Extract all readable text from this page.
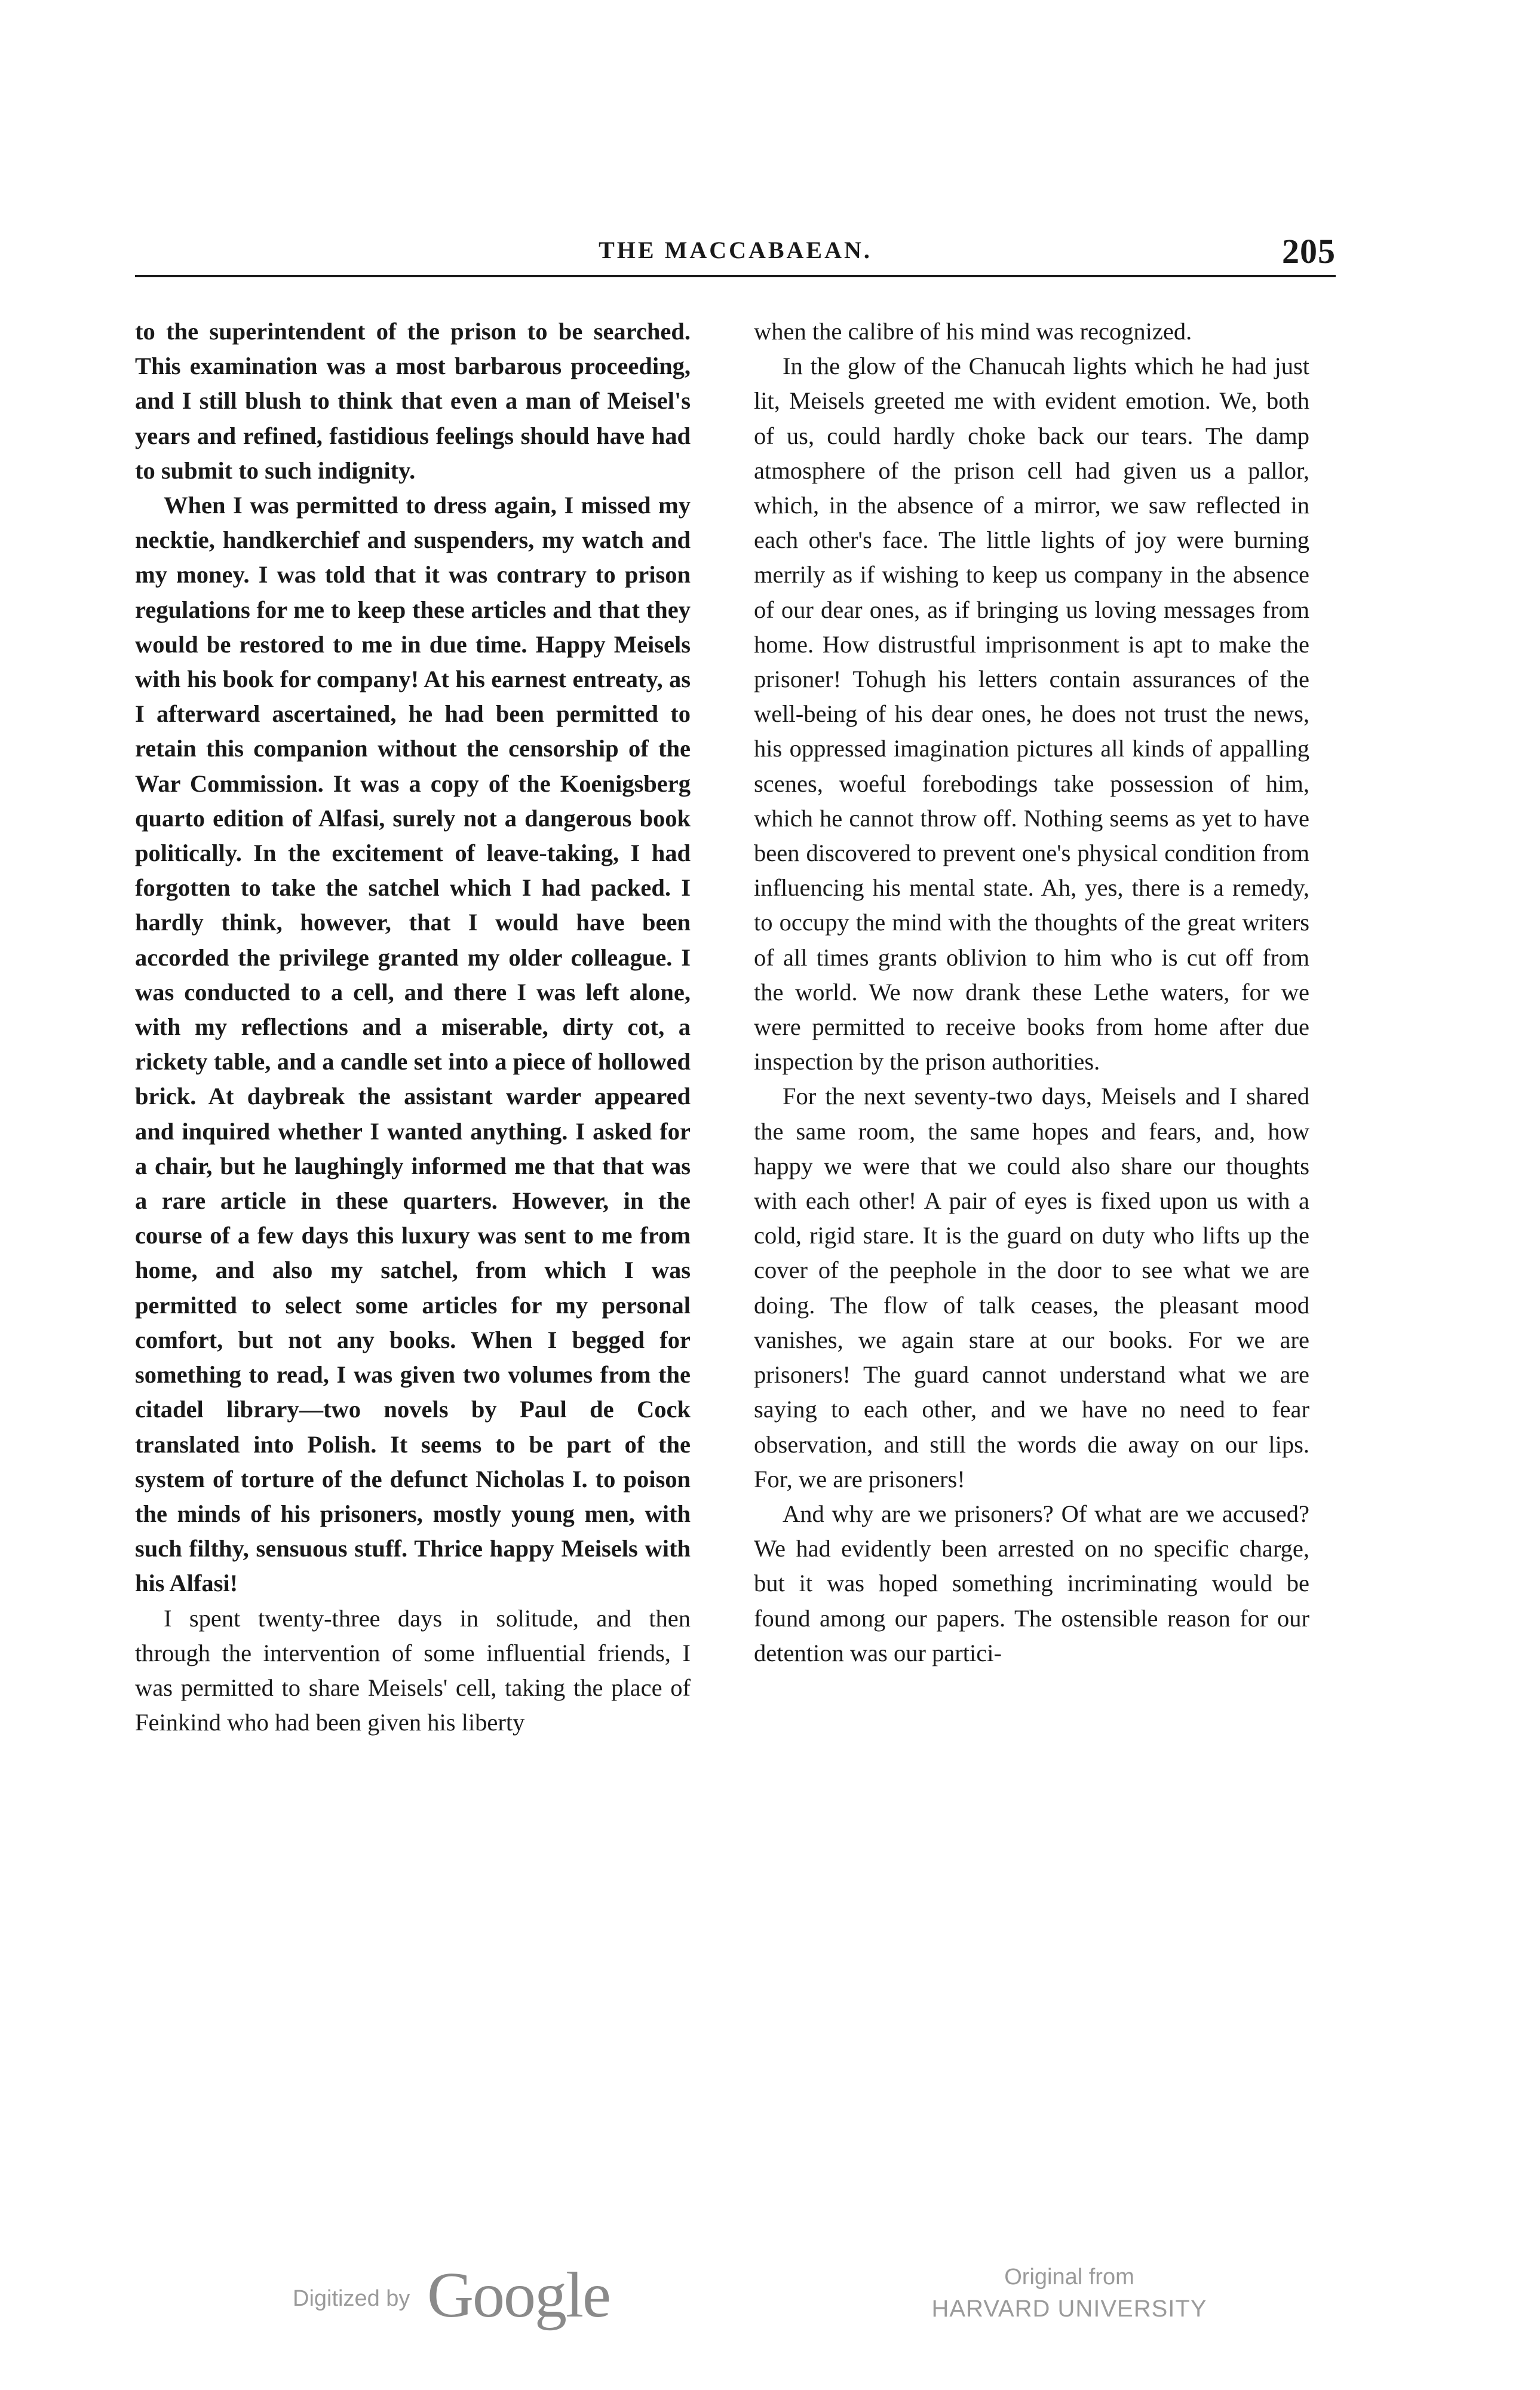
THE MACCABAEAN.	205

to the superintendent of the prison to be searched. This examination was a most barbarous proceeding, and I still blush to think that even a man of Meisel's years and refined, fastidious feelings should have had to submit to such indignity.

When I was permitted to dress again, I missed my necktie, handkerchief and suspenders, my watch and my money. I was told that it was contrary to prison regulations for me to keep these articles and that they would be restored to me in due time. Happy Meisels with his book for company! At his earnest entreaty, as I afterward ascertained, he had been permitted to retain this companion without the censorship of the War Commission. It was a copy of the Koenigsberg quarto edition of Alfasi, surely not a dangerous book politically. In the excitement of leave-taking, I had forgotten to take the satchel which I had packed. I hardly think, however, that I would have been accorded the privilege granted my older colleague. I was conducted to a cell, and there I was left alone, with my reflections and a miserable, dirty cot, a rickety table, and a candle set into a piece of hollowed brick. At daybreak the assistant warder appeared and inquired whether I wanted anything. I asked for a chair, but he laughingly informed me that that was a rare article in these quarters. However, in the course of a few days this luxury was sent to me from home, and also my satchel, from which I was permitted to select some articles for my personal comfort, but not any books. When I begged for something to read, I was given two volumes from the citadel library—two novels by Paul de Cock translated into Polish. It seems to be part of the system of torture of the defunct Nicholas I. to poison the minds of his prisoners, mostly young men, with such filthy, sensuous stuff. Thrice happy Meisels with his Alfasi!

I spent twenty-three days in solitude, and then through the intervention of some influential friends, I was permitted to share Meisels' cell, taking the place of Feinkind who had been given his liberty

when the calibre of his mind was recognized.

In the glow of the Chanucah lights which he had just lit, Meisels greeted me with evident emotion. We, both of us, could hardly choke back our tears. The damp atmosphere of the prison cell had given us a pallor, which, in the absence of a mirror, we saw reflected in each other's face. The little lights of joy were burning merrily as if wishing to keep us company in the absence of our dear ones, as if bringing us loving messages from home. How distrustful imprisonment is apt to make the prisoner! Tohugh his letters contain assurances of the well-being of his dear ones, he does not trust the news, his oppressed imagination pictures all kinds of appalling scenes, woeful forebodings take possession of him, which he cannot throw off. Nothing seems as yet to have been discovered to prevent one's physical condition from influencing his mental state. Ah, yes, there is a remedy, to occupy the mind with the thoughts of the great writers of all times grants oblivion to him who is cut off from the world. We now drank these Lethe waters, for we were permitted to receive books from home after due inspection by the prison authorities.

For the next seventy-two days, Meisels and I shared the same room, the same hopes and fears, and, how happy we were that we could also share our thoughts with each other! A pair of eyes is fixed upon us with a cold, rigid stare. It is the guard on duty who lifts up the cover of the peephole in the door to see what we are doing. The flow of talk ceases, the pleasant mood vanishes, we again stare at our books. For we are prisoners! The guard cannot understand what we are saying to each other, and we have no need to fear observation, and still the words die away on our lips. For, we are prisoners!

And why are we prisoners? Of what are we accused? We had evidently been arrested on no specific charge, but it was hoped something incriminating would be found among our papers. The ostensible reason for our detention was our partici-

Digitized by Google	Original from
HARVARD UNIVERSITY
